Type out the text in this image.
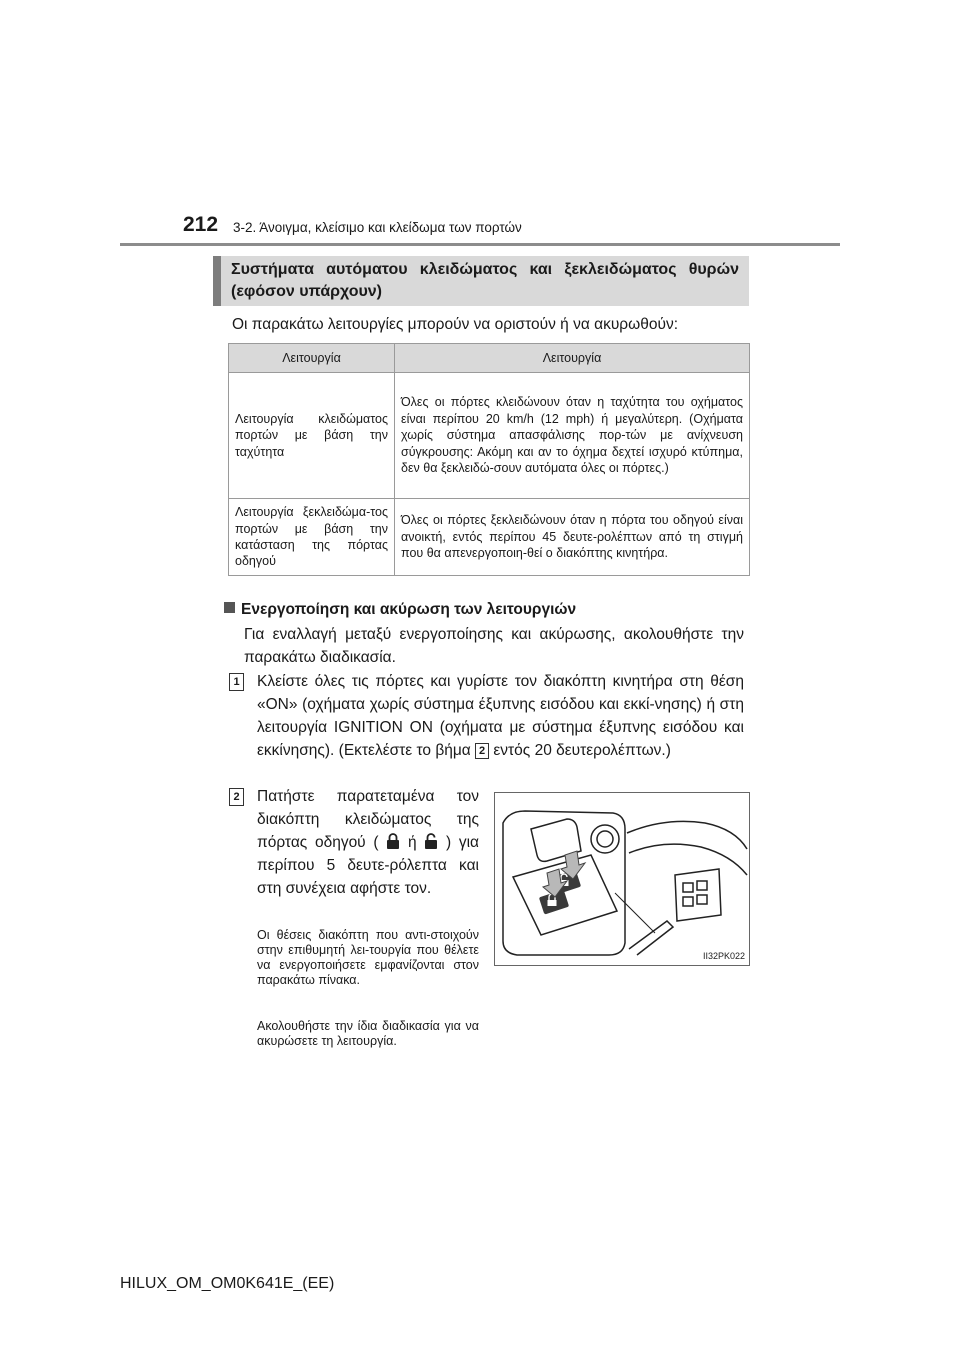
212 3-2. Άνοιγμα, κλείσιμο και κλείδωμα των πορτών
Συστήματα αυτόματου κλειδώματος και ξεκλειδώματος θυρών (εφόσον υπάρχουν)
Οι παρακάτω λειτουργίες μπορούν να οριστούν ή να ακυρωθούν:
Λειτουργία	Λειτουργία
Λειτουργία κλειδώματος πορτών με βάση την ταχύτητα	Όλες οι πόρτες κλειδώνουν όταν η ταχύτητα του οχήματος είναι περίπου 20 km/h (12 mph) ή μεγαλύτερη. (Οχήματα χωρίς σύστημα απασφάλισης πορ-τών με ανίχνευση σύγκρουσης: Ακόμη και αν το όχημα δεχτεί ισχυρό κτύπημα, δεν θα ξεκλειδώ-σουν αυτόματα όλες οι πόρτες.)
Λειτουργία ξεκλειδώμα-τος πορτών με βάση την κατάσταση της πόρτας οδηγού	Όλες οι πόρτες ξεκλειδώνουν όταν η πόρτα του οδηγού είναι ανοικτή, εντός περίπου 45 δευτε-ρολέπτων από τη στιγμή που θα απενεργοποιη-θεί ο διακόπτης κινητήρα.
Ενεργοποίηση και ακύρωση των λειτουργιών
Για εναλλαγή μεταξύ ενεργοποίησης και ακύρωσης, ακολουθήστε την παρακάτω διαδικασία.
1 Κλείστε όλες τις πόρτες και γυρίστε τον διακόπτη κινητήρα στη θέση «ON» (οχήματα χωρίς σύστημα έξυπνης εισόδου και εκκί-νησης) ή στη λειτουργία IGNITION ON (οχήματα με σύστημα έξυπνης εισόδου και εκκίνησης). (Εκτελέστε το βήμα 2 εντός 20 δευτερολέπτων.)
2 Πατήστε παρατεταμένα τον διακόπτη κλειδώματος της πόρτας οδηγού ( ή ) για περίπου 5 δευτε-ρόλεπτα και στη συνέχεια αφήστε τον.
Οι θέσεις διακόπτη που αντι-στοιχούν στην επιθυμητή λει-τουργία που θέλετε να ενεργοποιήσετε εμφανίζονται στον παρακάτω πίνακα.
Ακολουθήστε την ίδια διαδικασία για να ακυρώσετε τη λειτουργία.
II32PK022
HILUX_OM_OM0K641E_(EE)
